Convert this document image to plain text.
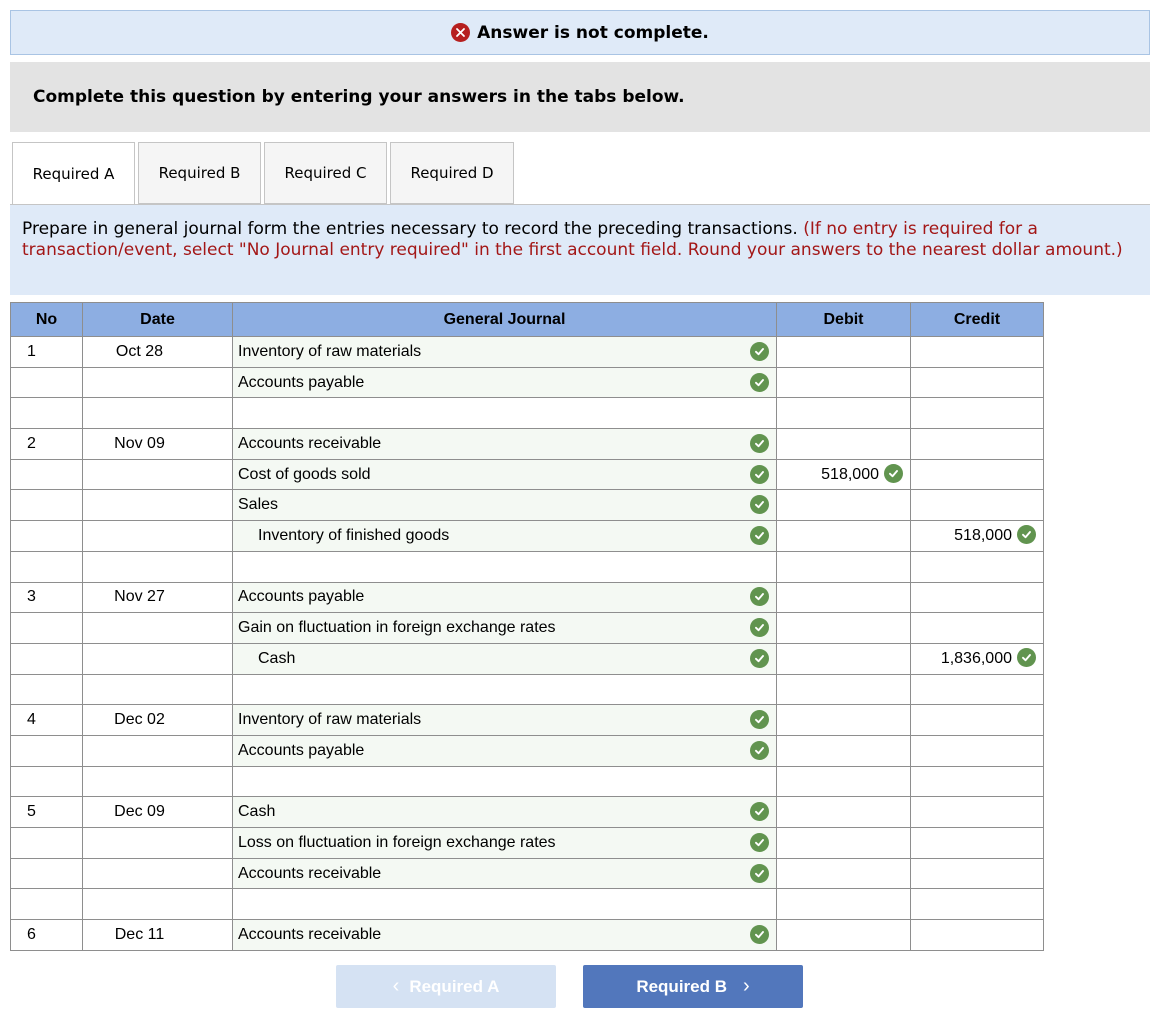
Answer is not complete.
Complete this question by entering your answers in the tabs below.
Required A	Required B	Required C	Required D
Prepare in general journal form the entries necessary to record the preceding transactions. (If no entry is required for a transaction/event, select "No Journal entry required" in the first account field. Round your answers to the nearest dollar amount.)
No	Date	General Journal	Debit	Credit
1	Oct 28	Inventory of raw materials

		Accounts payable

2	Nov 09	Accounts receivable

		Cost of goods sold	518,000

		Sales

		Inventory of finished goods		518,000

3	Nov 27	Accounts payable

		Gain on fluctuation in foreign exchange rates

		Cash		1,836,000

4	Dec 02	Inventory of raw materials

		Accounts payable

5	Dec 09	Cash

		Loss on fluctuation in foreign exchange rates

		Accounts receivable

6	Dec 11	Accounts receivable

‹ Required A	Required B ›
